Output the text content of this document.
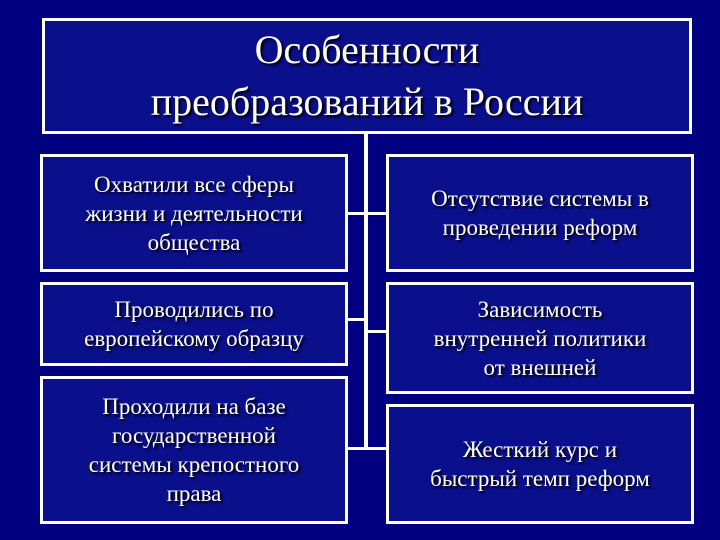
Особенности
преобразований в России
Охватили все сферы
жизни и деятельности
общества
Проводились по
европейскому образцу
Проходили на базе
государственной
системы крепостного
права
Отсутствие системы в
проведении реформ
Зависимость
внутренней политики
от внешней
Жесткий курс и
быстрый темп реформ
